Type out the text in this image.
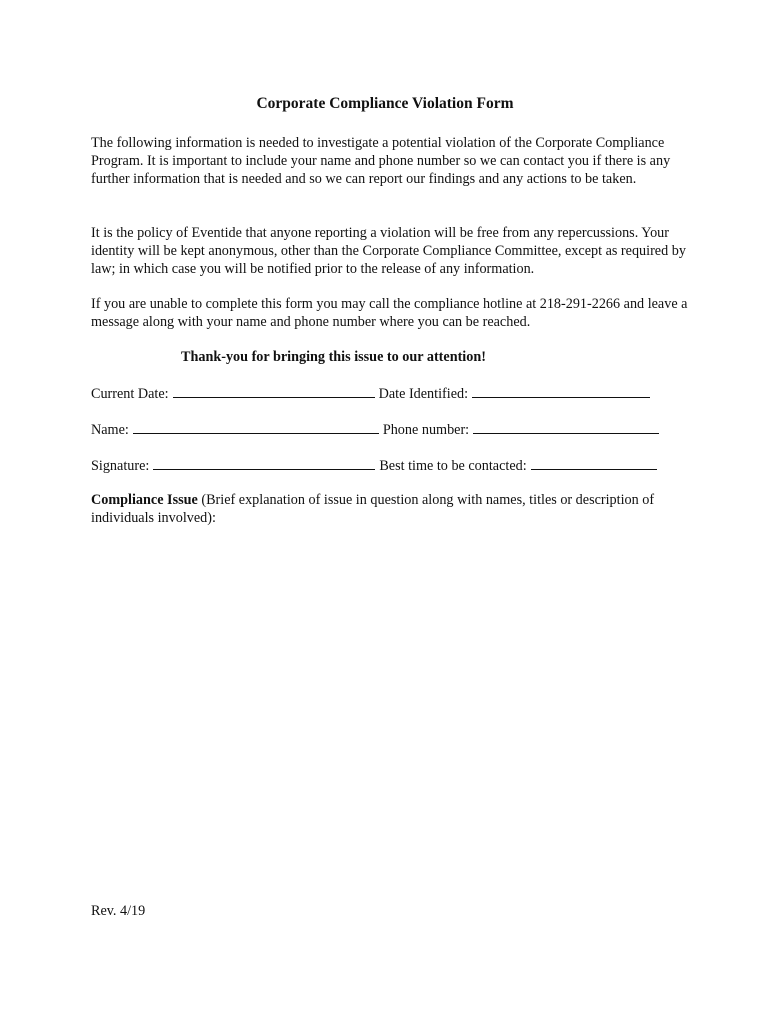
Corporate Compliance Violation Form

The following information is needed to investigate a potential violation of the Corporate Compliance Program. It is important to include your name and phone number so we can contact you if there is any further information that is needed and so we can report our findings and any actions to be taken.

It is the policy of Eventide that anyone reporting a violation will be free from any repercussions. Your identity will be kept anonymous, other than the Corporate Compliance Committee, except as required by law; in which case you will be notified prior to the release of any information.

If you are unable to complete this form you may call the compliance hotline at 218-291-2266 and leave a message along with your name and phone number where you can be reached.

Thank-you for bringing this issue to our attention!

Current Date:	Date Identified:
Name:	Phone number:
Signature:	Best time to be contacted:

Compliance Issue (Brief explanation of issue in question along with names, titles or description of individuals involved):

Rev. 4/19
